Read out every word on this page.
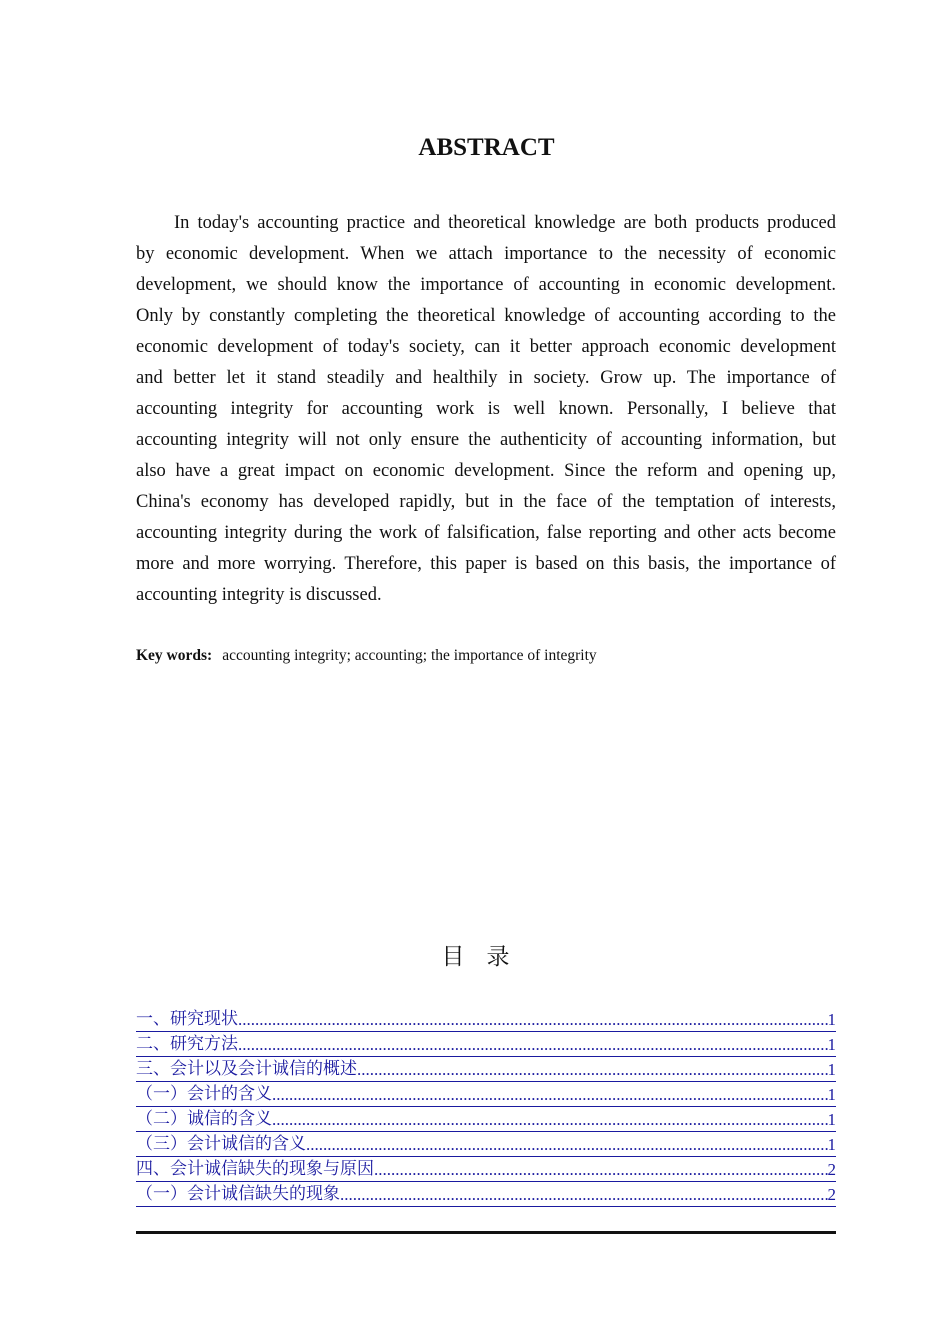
ABSTRACT
In today's accounting practice and theoretical knowledge are both products produced
by economic development. When we attach importance to the necessity of economic
development, we should know the importance of accounting in economic development.
Only by constantly completing the theoretical knowledge of accounting according to the
economic development of today's society, can it better approach economic development
and better let it stand steadily and healthily in society. Grow up. The importance of
accounting integrity for accounting work is well known. Personally, I believe that
accounting integrity will not only ensure the authenticity of accounting information, but
also have a great impact on economic development. Since the reform and opening up,
China's economy has developed rapidly, but in the face of the temptation of interests,
accounting integrity during the work of falsification, false reporting and other acts become
more and more worrying. Therefore, this paper is based on this basis, the importance of
accounting integrity is discussed.
Key words: accounting integrity; accounting; the importance of integrity
目录
一、研究现状 .....	1
二、研究方法 .....	1
三、会计以及会计诚信的概述 .....	1
（一）会计的含义 .....	1
（二）诚信的含义 .....	1
（三）会计诚信的含义 .....	1
四、会计诚信缺失的现象与原因 .....	2
（一）会计诚信缺失的现象 .....	2
